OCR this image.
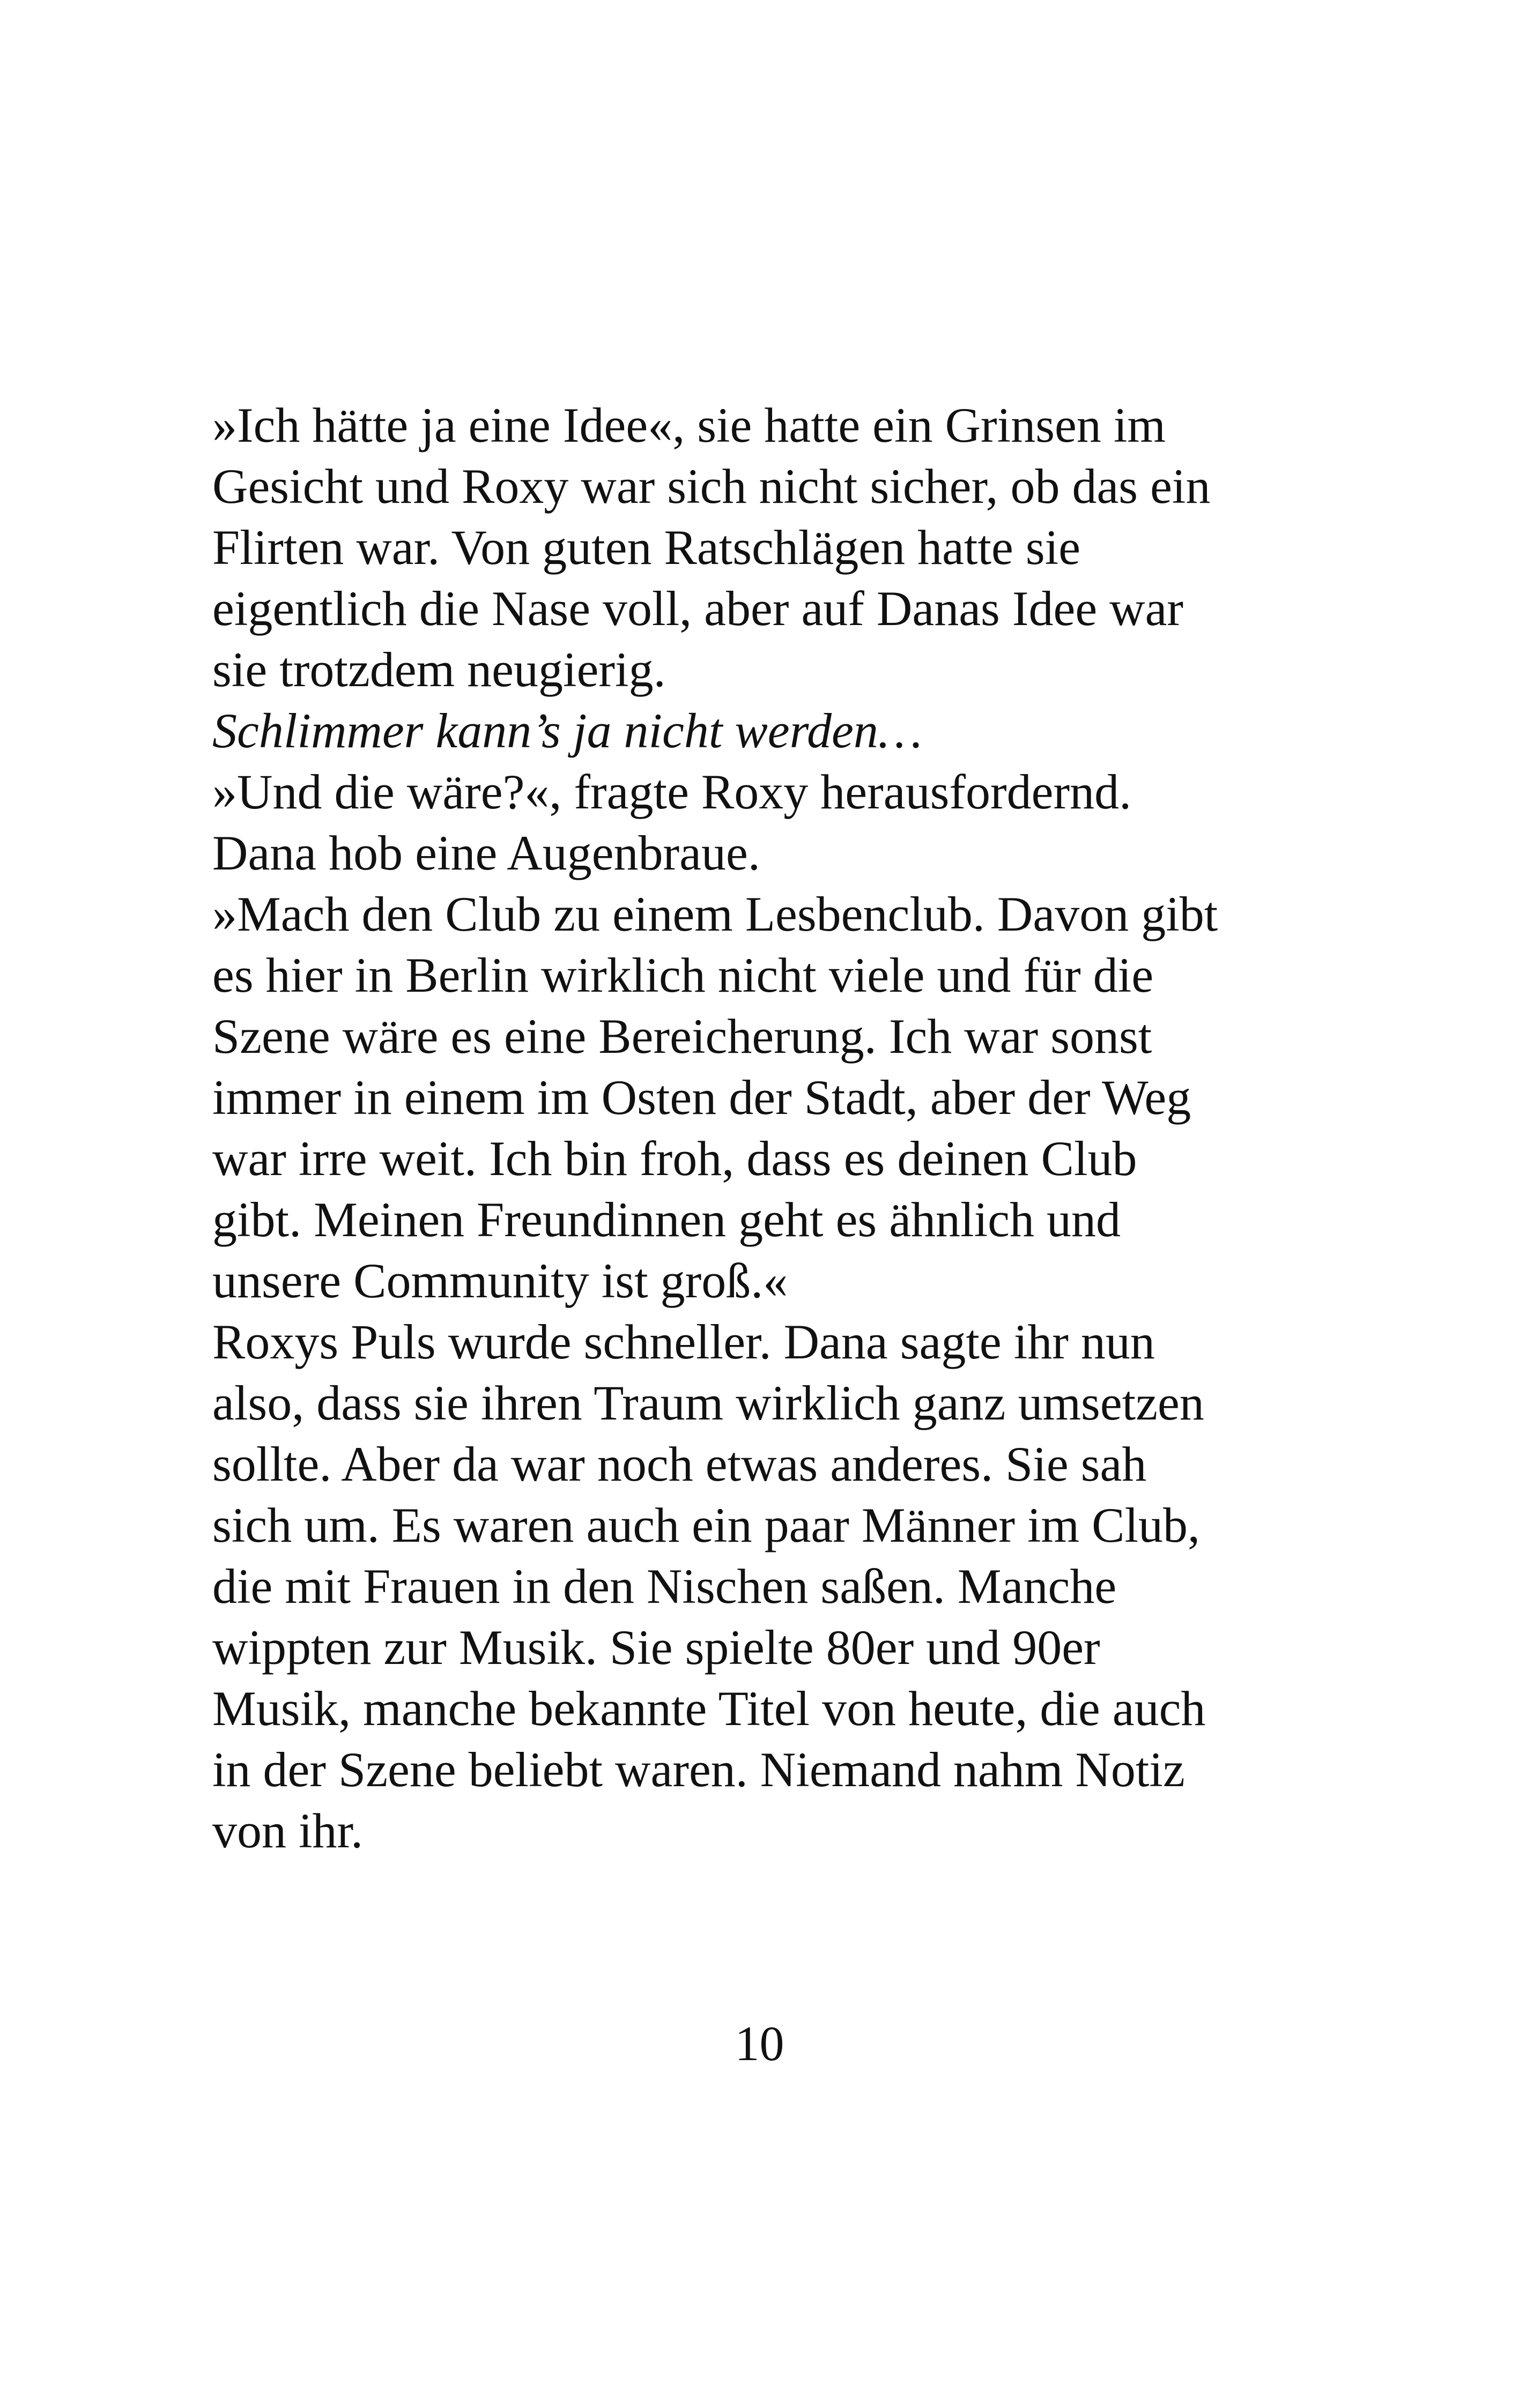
»Ich hätte ja eine Idee«, sie hatte ein Grinsen im
Gesicht und Roxy war sich nicht sicher, ob das ein
Flirten war. Von guten Ratschlägen hatte sie
eigentlich die Nase voll, aber auf Danas Idee war
sie trotzdem neugierig.
Schlimmer kann’s ja nicht werden…
»Und die wäre?«, fragte Roxy herausfordernd.
Dana hob eine Augenbraue.
»Mach den Club zu einem Lesbenclub. Davon gibt
es hier in Berlin wirklich nicht viele und für die
Szene wäre es eine Bereicherung. Ich war sonst
immer in einem im Osten der Stadt, aber der Weg
war irre weit. Ich bin froh, dass es deinen Club
gibt. Meinen Freundinnen geht es ähnlich und
unsere Community ist groß.«
Roxys Puls wurde schneller. Dana sagte ihr nun
also, dass sie ihren Traum wirklich ganz umsetzen
sollte. Aber da war noch etwas anderes. Sie sah
sich um. Es waren auch ein paar Männer im Club,
die mit Frauen in den Nischen saßen. Manche
wippten zur Musik. Sie spielte 80er und 90er
Musik, manche bekannte Titel von heute, die auch
in der Szene beliebt waren. Niemand nahm Notiz
von ihr.
10
